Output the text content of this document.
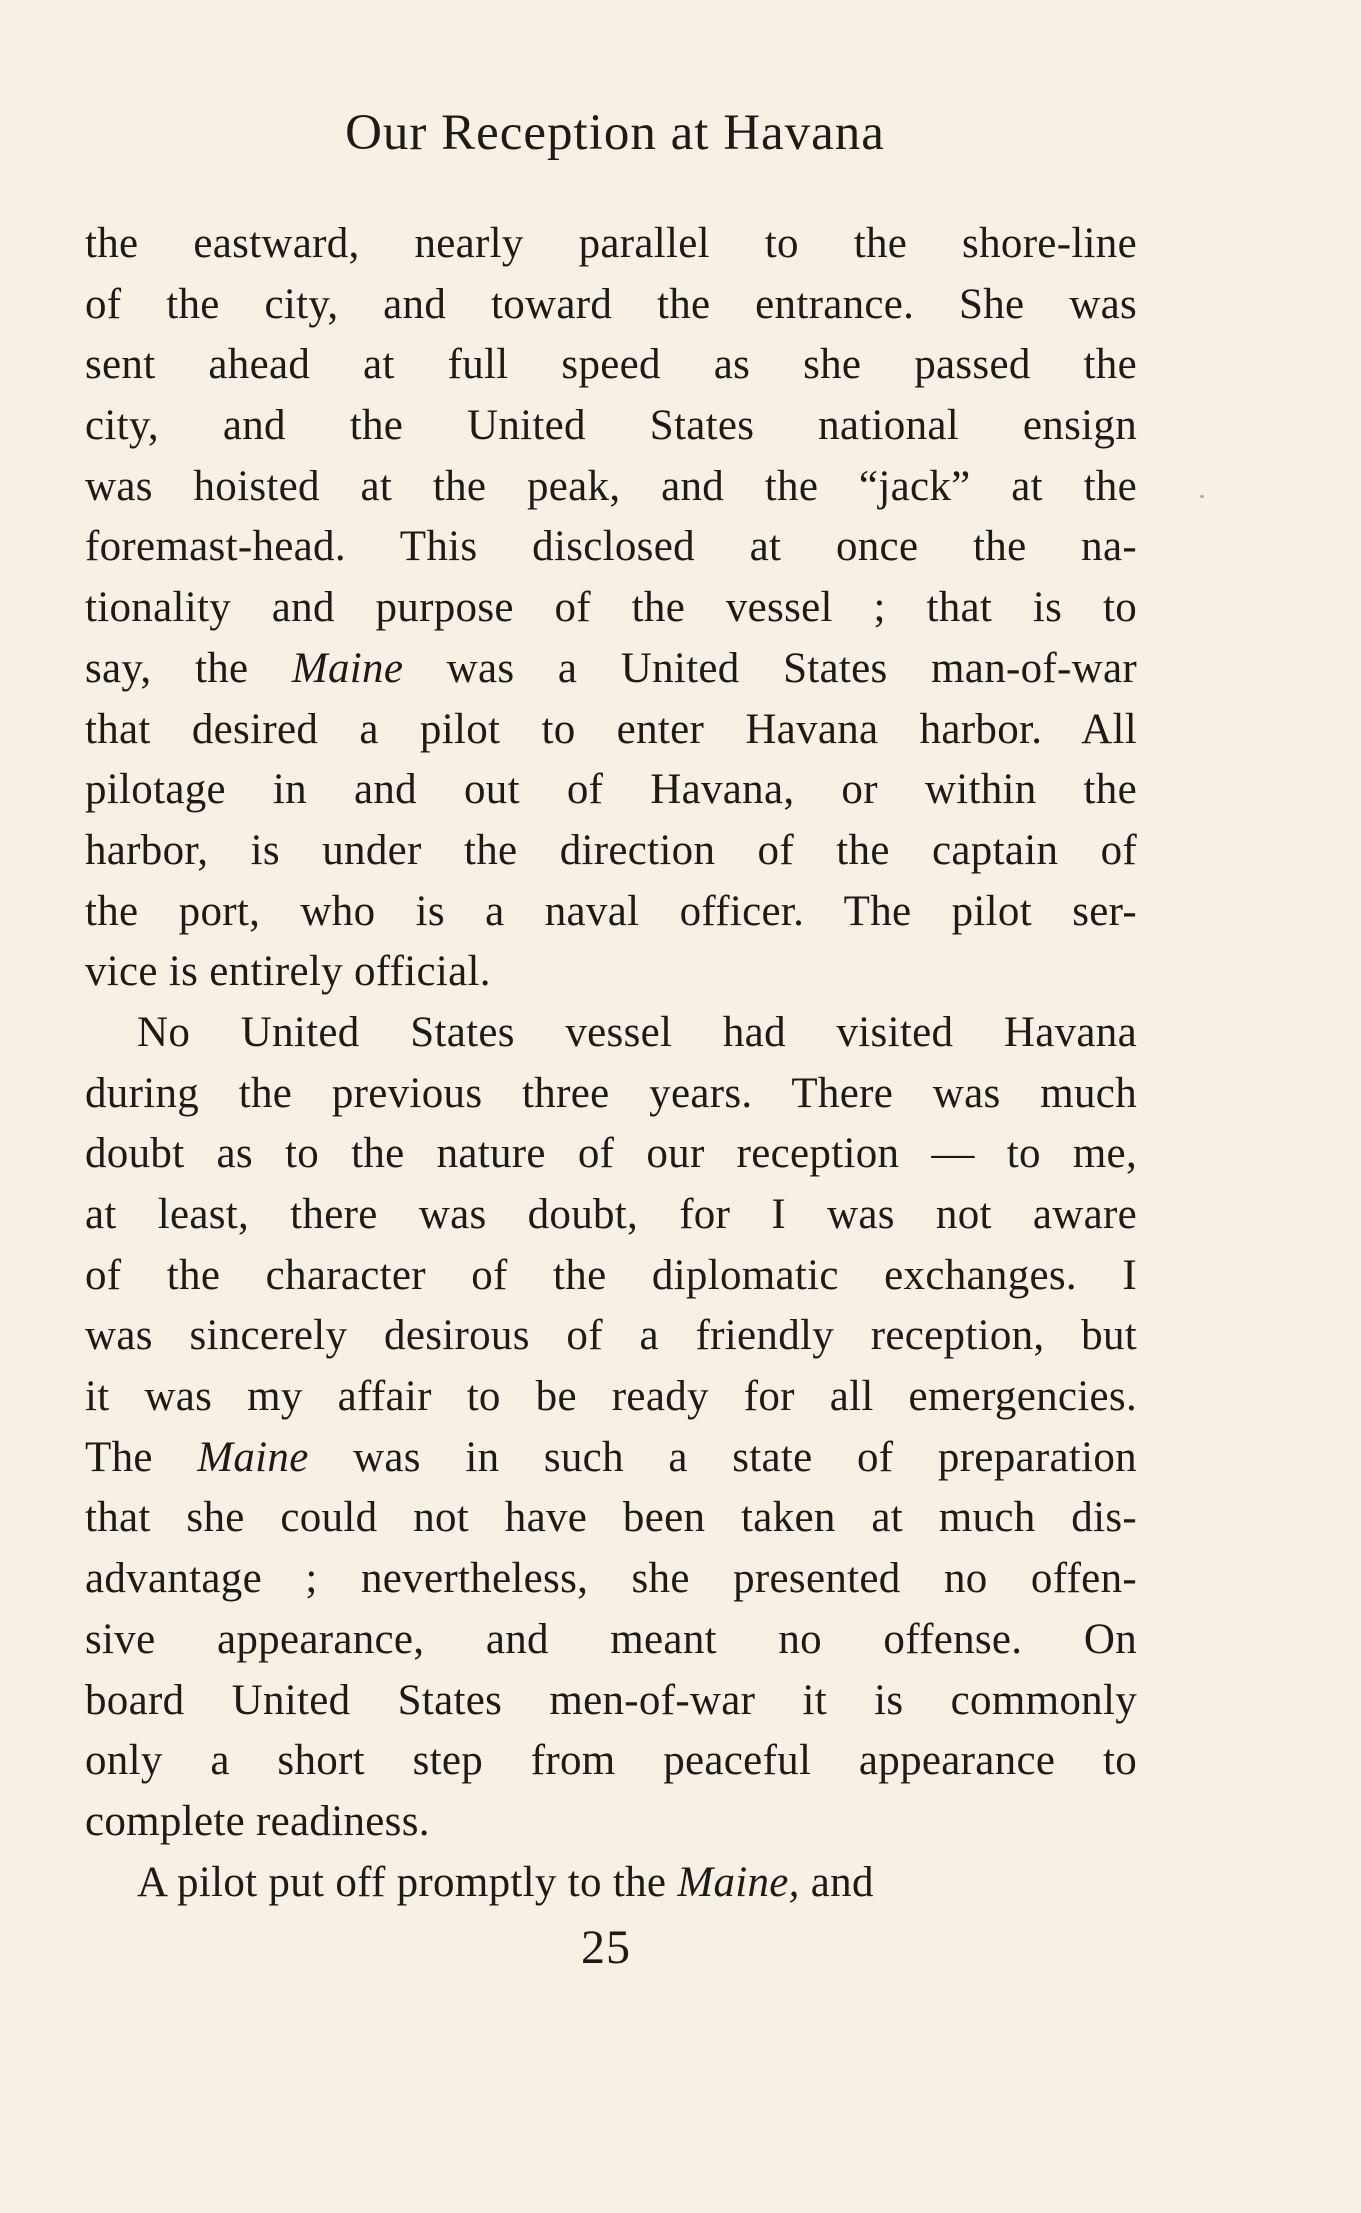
Our Reception at Havana
the eastward, nearly parallel to the shore-line
of the city, and toward the entrance. She was
sent ahead at full speed as she passed the
city, and the United States national ensign
was hoisted at the peak, and the “jack” at the
foremast-head. This disclosed at once the na-
tionality and purpose of the vessel ; that is to
say, the Maine was a United States man-of-war
that desired a pilot to enter Havana harbor. All
pilotage in and out of Havana, or within the
harbor, is under the direction of the captain of
the port, who is a naval officer. The pilot ser-
vice is entirely official.
No United States vessel had visited Havana
during the previous three years. There was much
doubt as to the nature of our reception — to me,
at least, there was doubt, for I was not aware
of the character of the diplomatic exchanges. I
was sincerely desirous of a friendly reception, but
it was my affair to be ready for all emergencies.
The Maine was in such a state of preparation
that she could not have been taken at much dis-
advantage ; nevertheless, she presented no offen-
sive appearance, and meant no offense. On
board United States men-of-war it is commonly
only a short step from peaceful appearance to
complete readiness.
A pilot put off promptly to the Maine, and
25
